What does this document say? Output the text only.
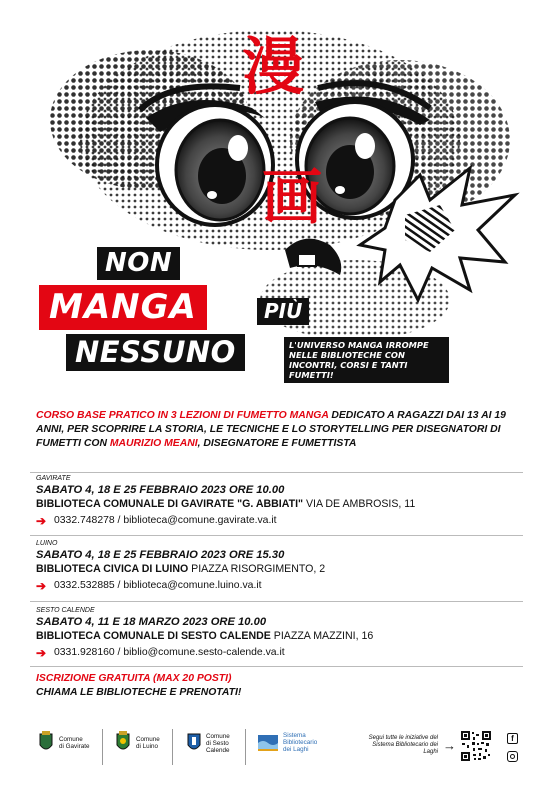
漫
画
NON
MANGA	PIÙ
NESSUNO	L'UNIVERSO MANGA IRROMPE NELLE BIBLIOTECHE CON INCONTRI, CORSI E TANTI FUMETTI!
CORSO BASE PRATICO IN 3 LEZIONI DI FUMETTO MANGA DEDICATO A RAGAZZI DAI 13 AI 19 ANNI, PER SCOPRIRE LA STORIA, LE TECNICHE E LO STORYTELLING PER DISEGNATORI DI FUMETTI CON MAURIZIO MEANI, DISEGNATORE E FUMETTISTA
GAVIRATE
SABATO 4, 18 E 25 FEBBRAIO 2023 ORE 10.00
BIBLIOTECA COMUNALE DI GAVIRATE "G. ABBIATI" VIA DE AMBROSIS, 11
➔ 0332.748278 / biblioteca@comune.gavirate.va.it
LUINO
SABATO 4, 18 E 25 FEBBRAIO 2023 ORE 15.30
BIBLIOTECA CIVICA DI LUINO PIAZZA RISORGIMENTO, 2
➔ 0332.532885 / biblioteca@comune.luino.va.it
SESTO CALENDE
SABATO 4, 11 E 18 MARZO 2023 ORE 10.00
BIBLIOTECA COMUNALE DI SESTO CALENDE PIAZZA MAZZINI, 16
➔ 0331.928160 / biblio@comune.sesto-calende.va.it
ISCRIZIONE GRATUITA (MAX 20 POSTI)
CHIAMA LE BIBLIOTECHE E PRENOTATI!
Comune
di Gavirate
Comune
di Luino
Comune
di Sesto
Calende
Sistema
Bibliotecario
dei Laghi
Segui tutte le iniziative del Sistema Bibliotecario dei Laghi →	f
